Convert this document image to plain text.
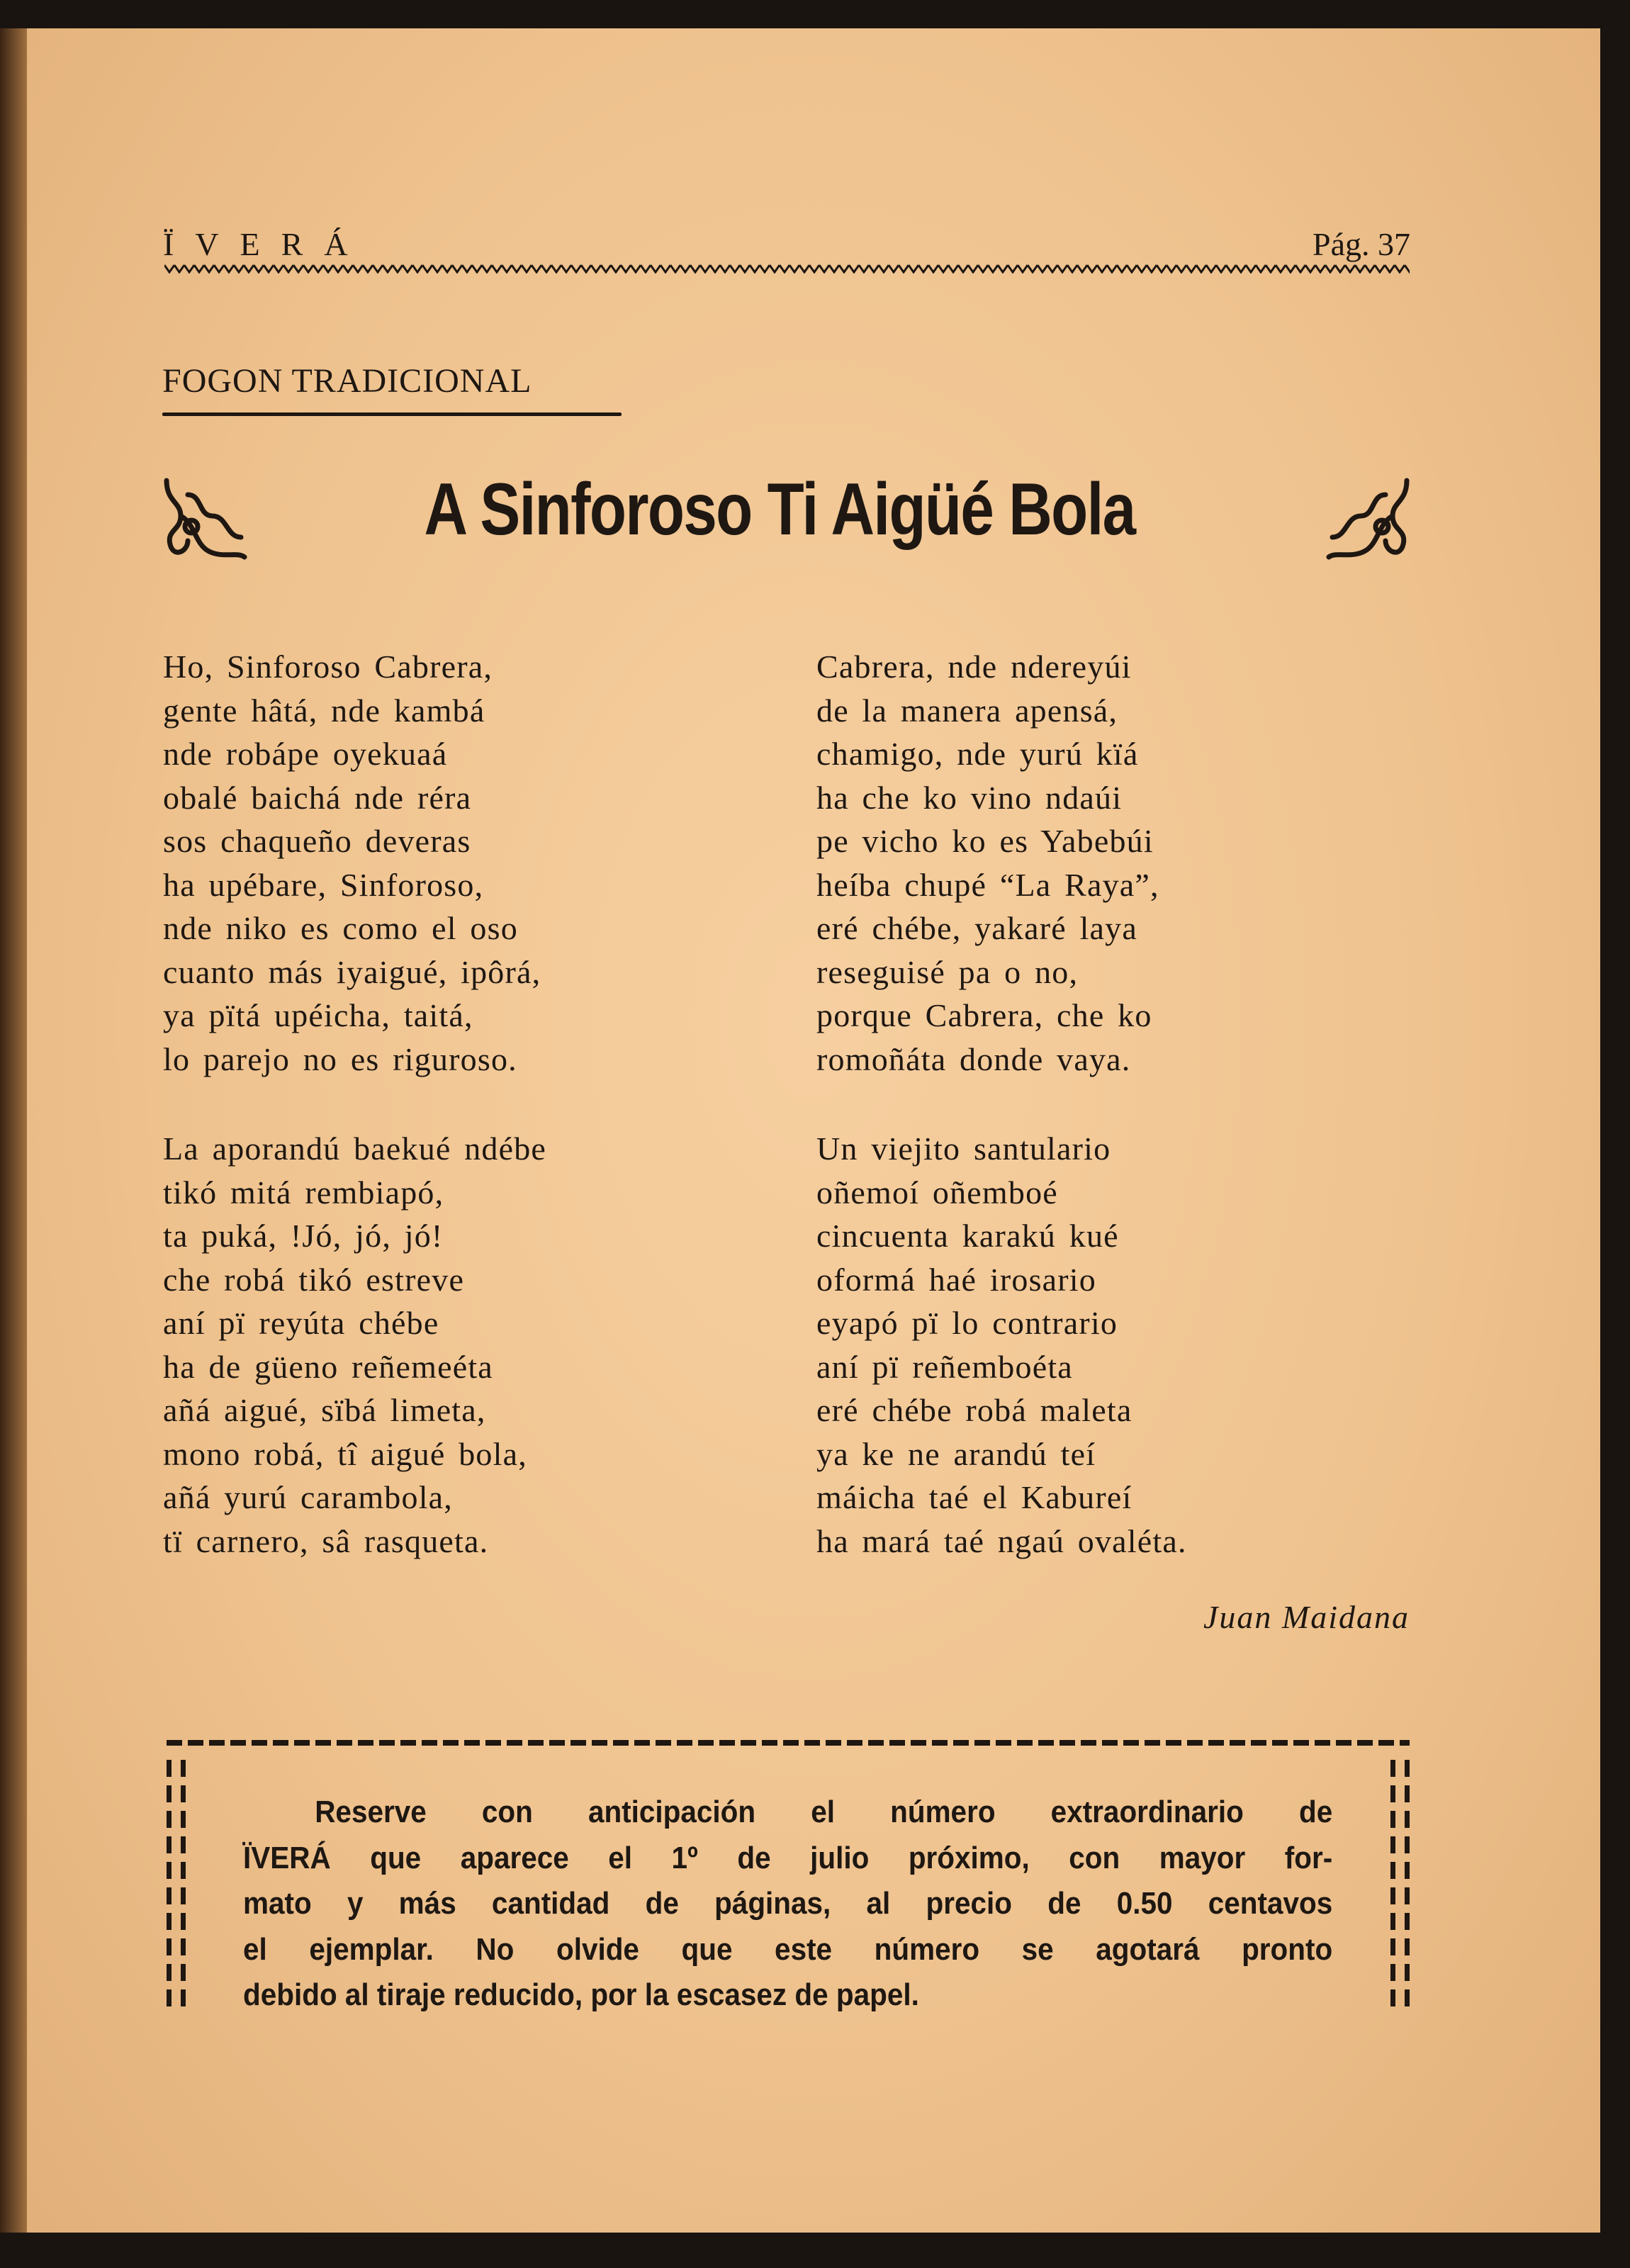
ÏVERÁ	Pág. 37
FOGON TRADICIONAL
A Sinforoso Ti Aigüé Bola
Ho, Sinforoso Cabrera,
gente hâtá, nde kambá
nde robápe oyekuaá
obalé baichá nde réra
sos chaqueño deveras
ha upébare, Sinforoso,
nde niko es como el oso
cuanto más iyaigué, ipôrá,
ya pïtá upéicha, taitá,
lo parejo no es riguroso.
La aporandú baekué ndébe
tikó mitá rembiapó,
ta puká, !Jó, jó, jó!
che robá tikó estreve
aní pï reyúta chébe
ha de güeno reñemeéta
añá aigué, sïbá limeta,
mono robá, tî aigué bola,
añá yurú carambola,
tï carnero, sâ rasqueta.
Cabrera, nde ndereyúi
de la manera apensá,
chamigo, nde yurú kïá
ha che ko vino ndaúi
pe vicho ko es Yabebúi
heíba chupé “La Raya”,
eré chébe, yakaré laya
reseguisé pa o no,
porque Cabrera, che ko
romoñáta donde vaya.
Un viejito santulario
oñemoí oñemboé
cincuenta karakú kué
oformá haé irosario
eyapó pï lo contrario
aní pï reñemboéta
eré chébe robá maleta
ya ke ne arandú teí
máicha taé el Kabureí
ha mará taé ngaú ovaléta.
Juan Maidana
Reserve con anticipación el número extraordinario de
ÏVERÁ que aparece el 1º de julio próximo, con mayor for-
mato y más cantidad de páginas, al precio de 0.50 centavos
el ejemplar. No olvide que este número se agotará pronto
debido al tiraje reducido, por la escasez de papel.
